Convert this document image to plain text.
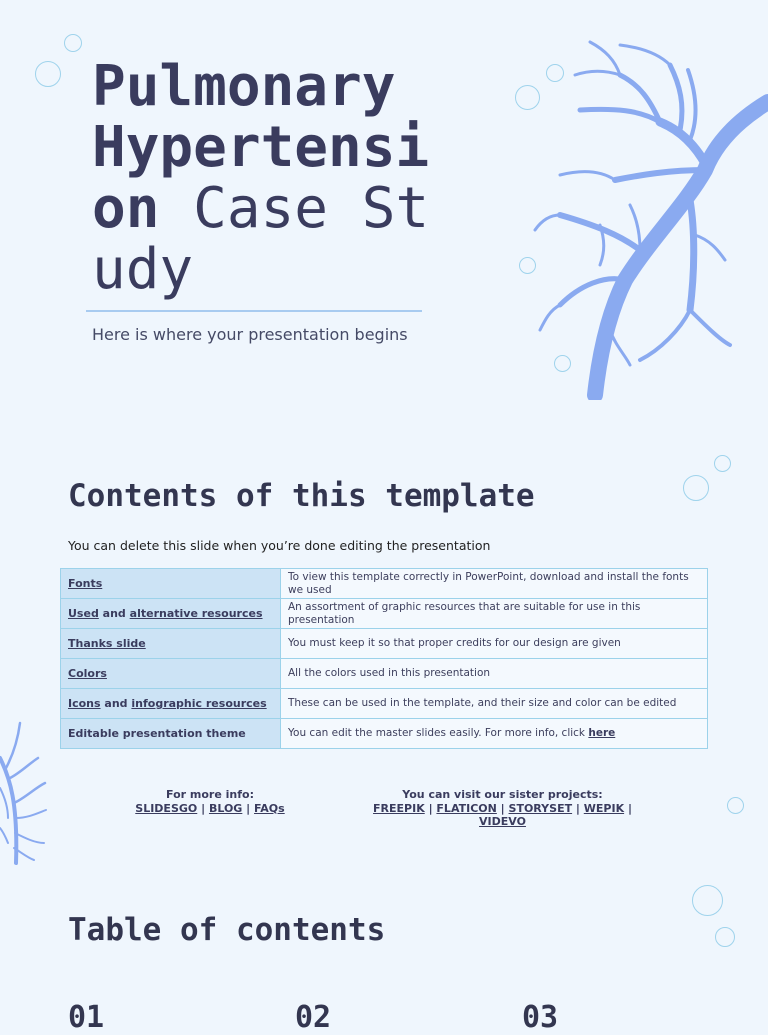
Pulmonary
Hypertension Case Study
Here is where your presentation begins
Contents of this template
You can delete this slide when you’re done editing the presentation
Fonts	To view this template correctly in PowerPoint, download and install the fonts we used
Used and alternative resources	An assortment of graphic resources that are suitable for use in this presentation
Thanks slide	You must keep it so that proper credits for our design are given
Colors	All the colors used in this presentation
Icons and infographic resources	These can be used in the template, and their size and color can be edited
Editable presentation theme	You can edit the master slides easily. For more info, click here
For more info:
SLIDESGO | BLOG | FAQs
You can visit our sister projects:
FREEPIK | FLATICON | STORYSET | WEPIK |
VIDEVO
Table of contents
01	02	03
